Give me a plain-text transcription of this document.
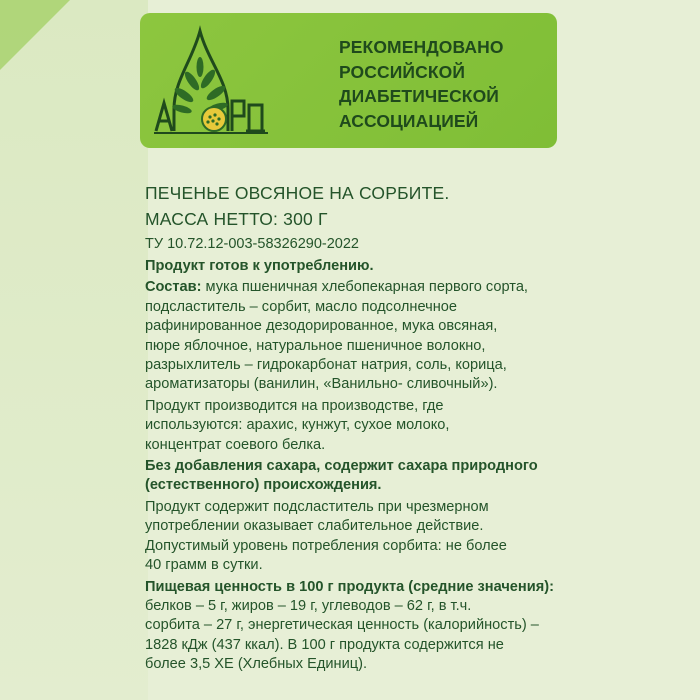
РЕКОМЕНДОВАНО
РОССИЙСКОЙ
ДИАБЕТИЧЕСКОЙ
АССОЦИАЦИЕЙ
ПЕЧЕНЬЕ ОВСЯНОЕ НА СОРБИТЕ.
МАССА НЕТТО: 300 Г
ТУ 10.72.12-003-58326290-2022
Продукт готов к употреблению.
Состав: мука пшеничная хлебопекарная первого сорта,
подсластитель – сорбит, масло подсолнечное
рафинированное дезодорированное, мука овсяная,
пюре яблочное, натуральное пшеничное волокно,
разрыхлитель – гидрокарбонат натрия, соль, корица,
ароматизаторы (ванилин, «Ванильно- сливочный»).
Продукт производится на производстве, где
используются: арахис, кунжут, сухое молоко,
концентрат соевого белка.
Без добавления сахара, содержит сахара природного
(естественного) происхождения.
Продукт содержит подсластитель при чрезмерном
употреблении оказывает слабительное действие.
Допустимый уровень потребления сорбита: не более
40 грамм в сутки.
Пищевая ценность в 100 г продукта (средние значения):
белков – 5 г, жиров – 19 г, углеводов – 62 г, в т.ч.
сорбита – 27 г, энергетическая ценность (калорийность) –
1828 кДж (437 ккал). В 100 г продукта содержится не
более 3,5 ХЕ (Хлебных Единиц).
